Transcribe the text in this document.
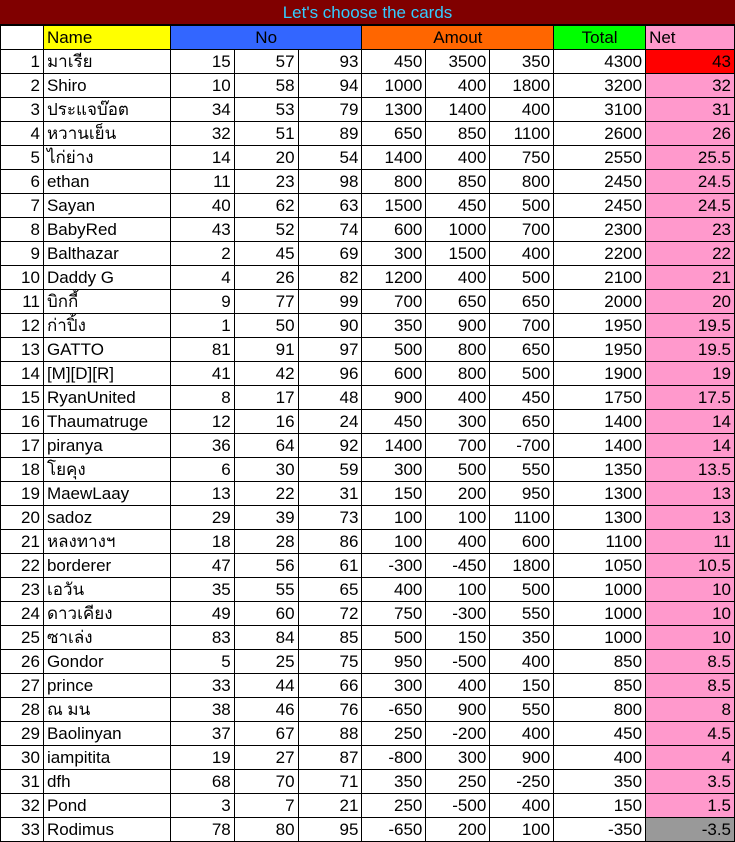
Let's choose the cards
	Name	No			Amout			Total	Net
1	มาเรีย	15	57	93	450	3500	350	4300	43
2	Shiro	10	58	94	1000	400	1800	3200	32
3	ประแจบ๊อต	34	53	79	1300	1400	400	3100	31
4	หวานเย็น	32	51	89	650	850	1100	2600	26
5	ไก่ย่าง	14	20	54	1400	400	750	2550	25.5
6	ethan	11	23	98	800	850	800	2450	24.5
7	Sayan	40	62	63	1500	450	500	2450	24.5
8	BabyRed	43	52	74	600	1000	700	2300	23
9	Balthazar	2	45	69	300	1500	400	2200	22
10	Daddy G	4	26	82	1200	400	500	2100	21
11	บิกกี้	9	77	99	700	650	650	2000	20
12	ก่าปิ้ง	1	50	90	350	900	700	1950	19.5
13	GATTO	81	91	97	500	800	650	1950	19.5
14	[M][D][R]	41	42	96	600	800	500	1900	19
15	RyanUnited	8	17	48	900	400	450	1750	17.5
16	Thaumatruge	12	16	24	450	300	650	1400	14
17	piranya	36	64	92	1400	700	-700	1400	14
18	โยคุง	6	30	59	300	500	550	1350	13.5
19	MaewLaay	13	22	31	150	200	950	1300	13
20	sadoz	29	39	73	100	100	1100	1300	13
21	หลงทางฯ	18	28	86	100	400	600	1100	11
22	borderer	47	56	61	-300	-450	1800	1050	10.5
23	เอวัน	35	55	65	400	100	500	1000	10
24	ดาวเคียง	49	60	72	750	-300	550	1000	10
25	ซาเล่ง	83	84	85	500	150	350	1000	10
26	Gondor	5	25	75	950	-500	400	850	8.5
27	prince	33	44	66	300	400	150	850	8.5
28	ณ มน	38	46	76	-650	900	550	800	8
29	Baolinyan	37	67	88	250	-200	400	450	4.5
30	iampitita	19	27	87	-800	300	900	400	4
31	dfh	68	70	71	350	250	-250	350	3.5
32	Pond	3	7	21	250	-500	400	150	1.5
33	Rodimus	78	80	95	-650	200	100	-350	-3.5
